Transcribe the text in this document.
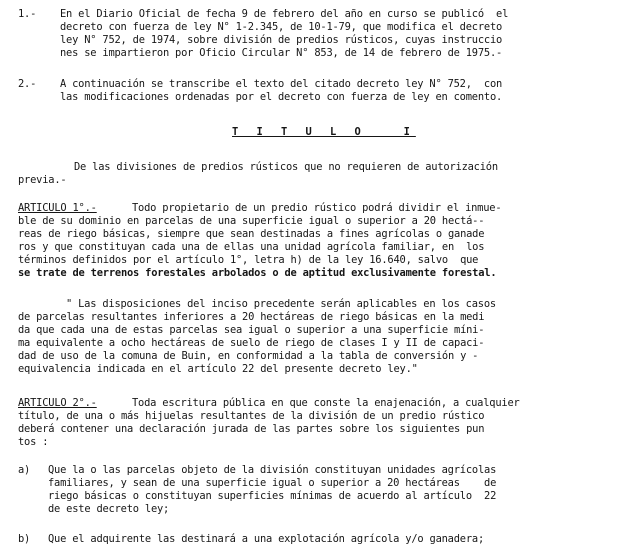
1.- En el Diario Oficial de fecha 9 de febrero del año en curso se publicó  el
decreto con fuerza de ley N° 1-2.345, de 10-1-79, que modifica el decreto
ley N° 752, de 1974, sobre división de predios rústicos, cuyas instruccio
nes se impartieron por Oficio Circular N° 853, de 14 de febrero de 1975.-
2.- A continuación se transcribe el texto del citado decreto ley N° 752,  con
las modificaciones ordenadas por el decreto con fuerza de ley en comento.
T I T U L O   I
De las divisiones de predios rústicos que no requieren de autorización
previa.-
ARTICULO 1°.-	Todo propietario de un predio rústico podrá dividir el inmue-
ble de su dominio en parcelas de una superficie igual o superior a 20 hectá--
reas de riego básicas, siempre que sean destinadas a fines agrícolas o ganade
ros y que constituyan cada una de ellas una unidad agrícola familiar, en  los
términos definidos por el artículo 1°, letra h) de la ley 16.640, salvo  que
se trate de terrenos forestales arbolados o de aptitud exclusivamente forestal.
" Las disposiciones del inciso precedente serán aplicables en los casos
de parcelas resultantes inferiores a 20 hectáreas de riego básicas en la medi
da que cada una de estas parcelas sea igual o superior a una superficie míni-
ma equivalente a ocho hectáreas de suelo de riego de clases I y II de capaci-
dad de uso de la comuna de Buin, en conformidad a la tabla de conversión y -
equivalencia indicada en el artículo 22 del presente decreto ley."
ARTICULO 2°.-	Toda escritura pública en que conste la enajenación, a cualquier
título, de una o más hijuelas resultantes de la división de un predio rústico
deberá contener una declaración jurada de las partes sobre los siguientes pun
tos :
a) Que la o las parcelas objeto de la división constituyan unidades agrícolas
familiares, y sean de una superficie igual o superior a 20 hectáreas    de
riego básicas o constituyan superficies mínimas de acuerdo al artículo  22
de este decreto ley;
b) Que el adquirente las destinará a una explotación agrícola y/o ganadera;
